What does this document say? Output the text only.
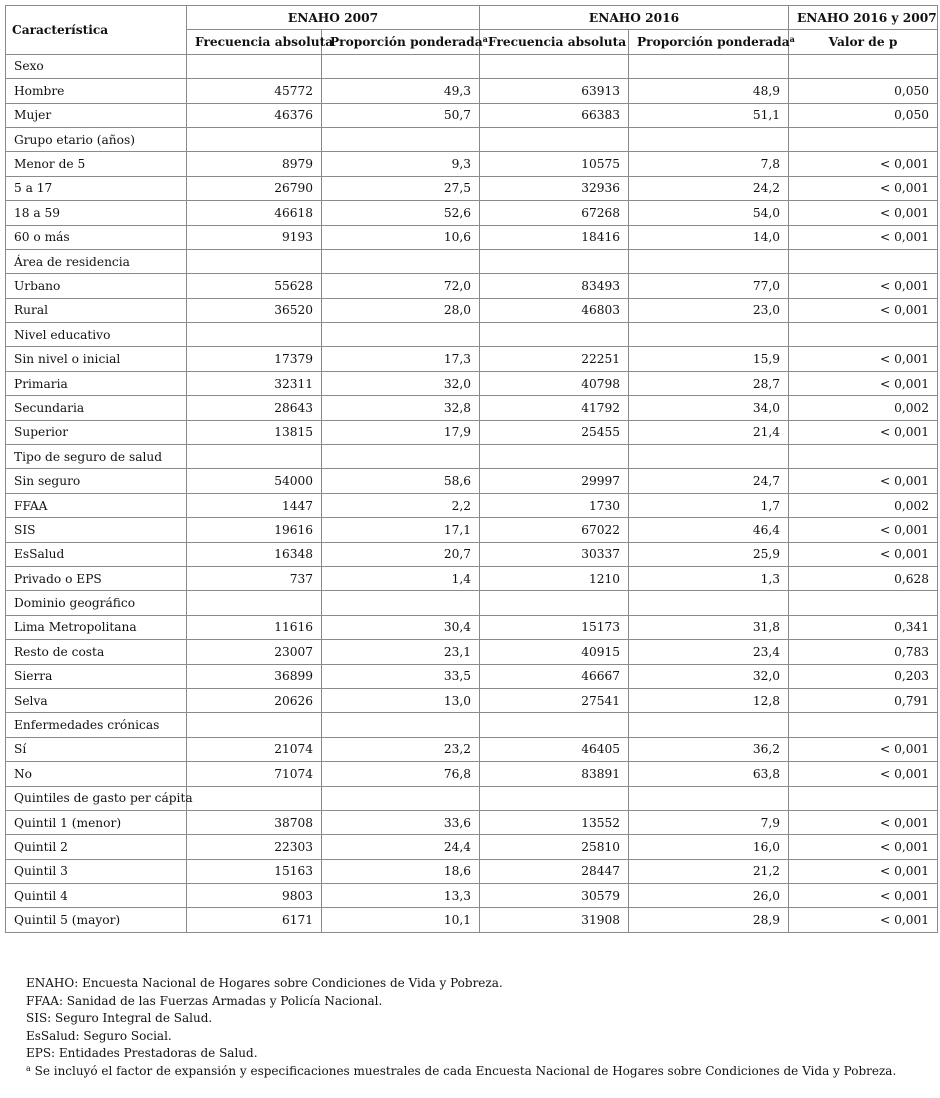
Característica	ENAHO 2007		ENAHO 2016		ENAHO 2016 y 2007
	Frecuencia absoluta	Proporción ponderada$^a$	Frecuencia absoluta	Proporción ponderada$^a$	Valor de p
Sexo					
Hombre	45772	49,3	63913	48,9	0,050
Mujer	46376	50,7	66383	51,1	0,050
Grupo etario (años)					
Menor de 5	8979	9,3	10575	7,8	< 0,001
5 a 17	26790	27,5	32936	24,2	< 0,001
18 a 59	46618	52,6	67268	54,0	< 0,001
60 o más	9193	10,6	18416	14,0	< 0,001
Área de residencia					
Urbano	55628	72,0	83493	77,0	< 0,001
Rural	36520	28,0	46803	23,0	< 0,001
Nivel educativo					
Sin nivel o inicial	17379	17,3	22251	15,9	< 0,001
Primaria	32311	32,0	40798	28,7	< 0,001
Secundaria	28643	32,8	41792	34,0	0,002
Superior	13815	17,9	25455	21,4	< 0,001
Tipo de seguro de salud					
Sin seguro	54000	58,6	29997	24,7	< 0,001
FFAA	1447	2,2	1730	1,7	0,002
SIS	19616	17,1	67022	46,4	< 0,001
EsSalud	16348	20,7	30337	25,9	< 0,001
Privado o EPS	737	1,4	1210	1,3	0,628
Dominio geográfico					
Lima Metropolitana	11616	30,4	15173	31,8	0,341
Resto de costa	23007	23,1	40915	23,4	0,783
Sierra	36899	33,5	46667	32,0	0,203
Selva	20626	13,0	27541	12,8	0,791
Enfermedades crónicas					
Sí	21074	23,2	46405	36,2	< 0,001
No	71074	76,8	83891	63,8	< 0,001
Quintiles de gasto per cápita					
Quintil 1 (menor)	38708	33,6	13552	7,9	< 0,001
Quintil 2	22303	24,4	25810	16,0	< 0,001
Quintil 3	15163	18,6	28447	21,2	< 0,001
Quintil 4	9803	13,3	30579	26,0	< 0,001
Quintil 5 (mayor)	6171	10,1	31908	28,9	< 0,001
ENAHO: Encuesta Nacional de Hogares sobre Condiciones de Vida y Pobreza.
FFAA: Sanidad de las Fuerzas Armadas y Policía Nacional.
SIS: Seguro Integral de Salud.
EsSalud: Seguro Social.
EPS: Entidades Prestadoras de Salud.
$^a$ Se incluyó el factor de expansión y especificaciones muestrales de cada Encuesta Nacional de Hogares sobre Condiciones de Vida y Pobreza.
